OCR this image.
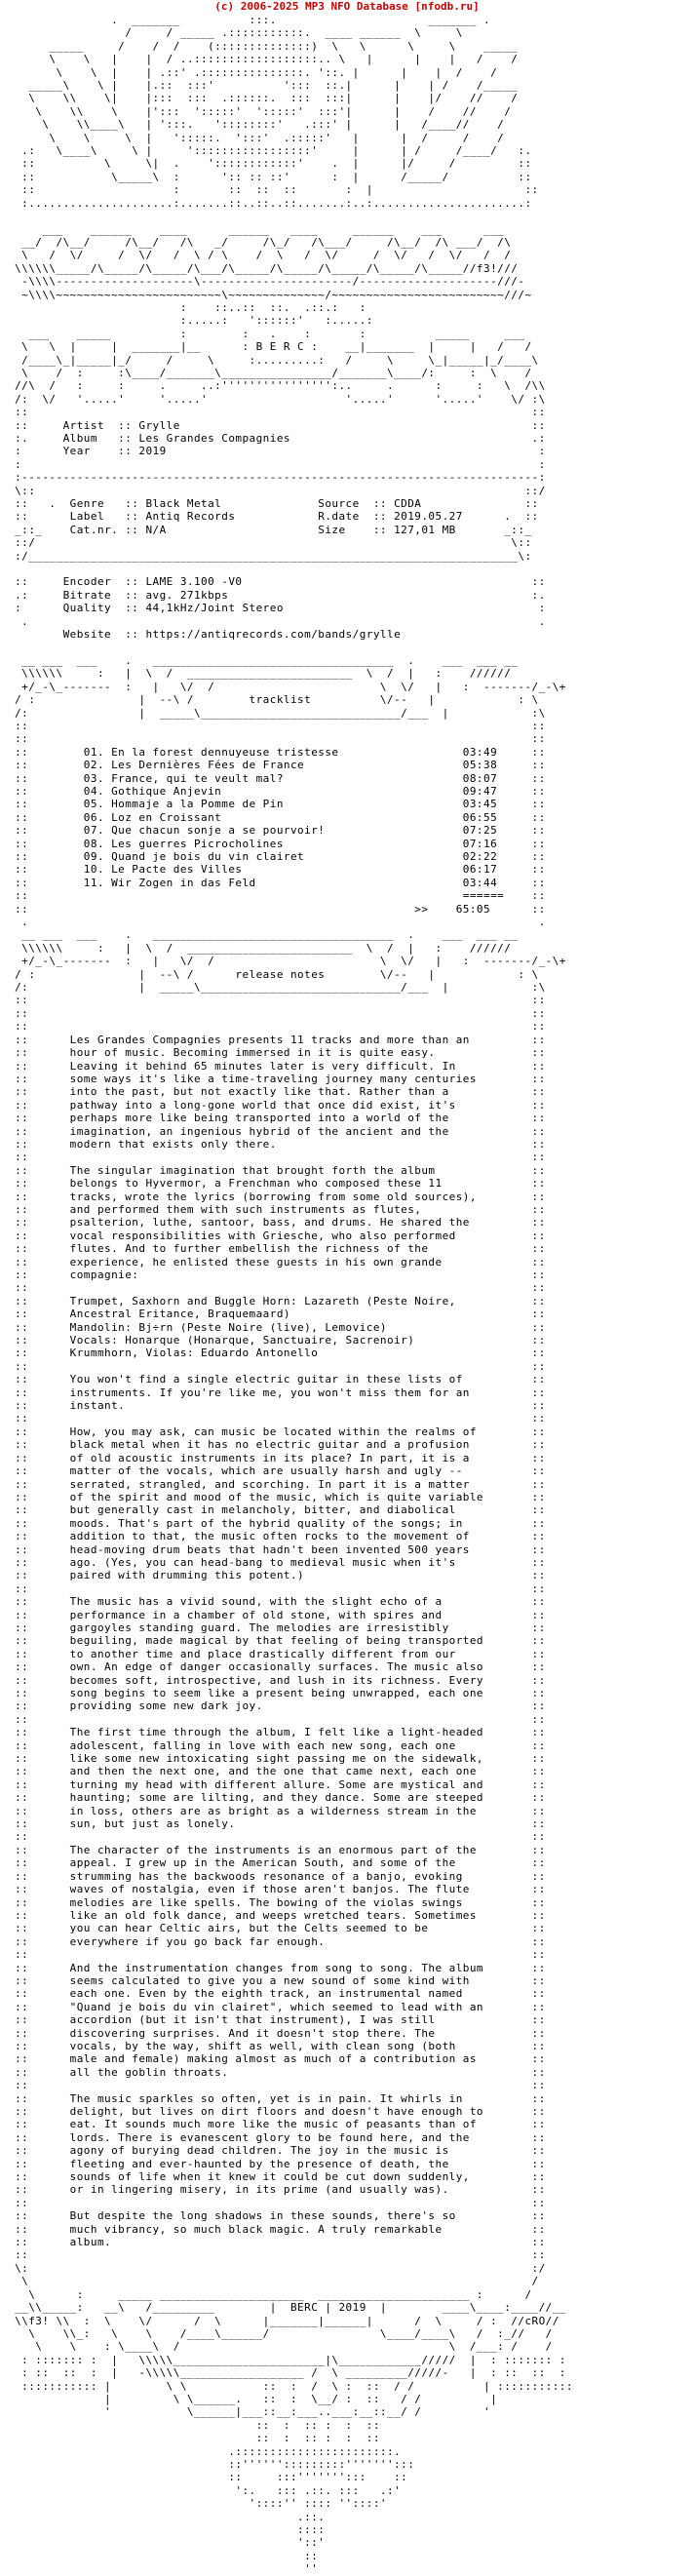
(c) 2006-2025 MP3 NFO Database [nfodb.ru]
.  _______          :::.                      _______ .
/     / _____ .:::::::::::.  ____ ______  \     \
_____     /    /  /    (::::::::::::::)  \   \      \     \    _____
\    \   |    |  / ..::::::::::::::::::.. \   |      |    |   /    /
\    \  |    | .::' .:::::::::::::::. '::. |      |    |  /    /
_____\    \ |    |.::  :::'          ':::  ::.|      |    | /    /_____
\    \\    \|    |:::  :::  .::::::.  :::  :::|      |    |/    //    /
\    \\    \    |':::  ':::::'  ':::::'  :::'|      |    /    //    /
\    \\____\   | ':::.   '::::::::'   .:::' |      |   /____//    /
\    \     \  |   ':::::.  ':::'  .:::::'   |      |  /     /    /
.:   \____\     \ |     ':::::::::::::::::'     |      | /     /____/   :.
::          \     \|  .    '::::::::::::'    .  |      |/     /         ::
::           \_____\  :      ':: :: ::'      :  |      /_____/          ::
::                    :       ::  ::  ::       :  |                      ::
:.....................:.......::..::..::.......:..:......................:

___    ______    ____      ______   ____     ______    ___      ___
__/  /\__/     /\__/   /\   _/     /\_/   /\___/     /\__/  /\ ___/  /\
\   /  \/     /  \/   /  \ / \    /  \   /  \/     /  \/   /  \/   /  /
\\\\\\_____/\_____/\_____/\___/\_____/\_____/\_____/\_____/\_____//f3!///
-\\\\--------------------\----------------------/--------------------///-
~\\\\~~~~~~~~~~~~~~~~~~~~~~~~\~~~~~~~~~~~~~~/~~~~~~~~~~~~~~~~~~~~~~~~~///~
:    ::..::  ::.  .::.:   :
:.....:   '::::::'   :.....:
___    _____          :        :   .    :       :          _____     ___
\   \  |     |  _______|__      : B E R C :    __|_______  |     |   /   /
/____\_|_____|_/     /     \     :.........:   /     \     \_|_____|_/____\
\    /  :     :\____/_______\________________/_______\____/:     :  \    /
//\  /   :     :     .     ..:'''''''''''''''':..     .      :     :   \  /\\
/:  \/   '.....'     '.....'                    '.....'      '.....'    \/ :\
::                                                                         ::
::     Artist  :: Grylle                                                   ::
:.     Album   :: Les Grandes Compagnies                                   .:
:      Year    :: 2019                                                      :
:                                                                           :
:---------------------------------------------------------------------------:
\::                                                                       ::/
::   .  Genre   :: Black Metal              Source  :: CDDA               ::
::      Label   :: Antiq Records            R.date  :: 2019.05.27      .  ::
_::_    Cat.nr. :: N/A                      Size    :: 127,01 MB       _::_
::/                                                                     \::
:/_______________________________________________________________________\:

::     Encoder  :: LAME 3.100 -V0                                          ::
.:     Bitrate  :: avg. 271kbps                                            :.
:      Quality  :: 44,1kHz/Joint Stereo                                     :
.                                                                          .
Website  :: https://antiqrecords.com/bands/grylle

__ ___  ___    .   ___________________________________  .    ___  ___ __
\\\\\\     :   |  \  /  ________________________  \  /  |   :    //////
+/_-\_-------  :   |   \/  /                        \  \/   |   :  -------/_-\+
/ :               |  --\ /        tracklist          \/--   |            : \
/:                |  _____\_____________________________/___  |            :\
::                                                                         ::
::                                                                         ::
::        01. En la forest dennuyeuse tristesse                  03:49     ::
::        02. Les Dernières Fées de France                       05:38     ::
::        03. France, qui te veult mal?                          08:07     ::
::        04. Gothique Anjevin                                   09:47     ::
::        05. Hommaje a la Pomme de Pin                          03:45     ::
::        06. Loz en Croissant                                   06:55     ::
::        07. Que chacun sonje a se pourvoir!                    07:25     ::
::        08. Les guerres Picrocholines                          07:16     ::
::        09. Quand je bois du vin clairet                       02:22     ::
::        10. Le Pacte des Villes                                06:17     ::
::        11. Wir Zogen in das Feld                              03:44     ::
::                                                               ======    ::
::                                                        >>    65:05      ::
.                                                                          .
__ ___  ___    .   ___________________________________  .    ___  ___ __
\\\\\\     :   |  \  /  ________________________  \  /  |   :    //////
+/_-\_-------  :   |   \/  /                        \  \/   |   :  -------/_-\+
/ :               |  --\ /      release notes        \/--   |            : \
/:                |  _____\_____________________________/___  |            :\
::                                                                         ::
::                                                                         ::
::                                                                         ::
::      Les Grandes Compagnies presents 11 tracks and more than an         ::
::      hour of music. Becoming immersed in it is quite easy.              ::
::      Leaving it behind 65 minutes later is very difficult. In           ::
::      some ways it's like a time-traveling journey many centuries        ::
::      into the past, but not exactly like that. Rather than a            ::
::      pathway into a long-gone world that once did exist, it's           ::
::      perhaps more like being transported into a world of the            ::
::      imagination, an ingenious hybrid of the ancient and the            ::
::      modern that exists only there.                                     ::
::                                                                         ::
::      The singular imagination that brought forth the album              ::
::      belongs to Hyvermor, a Frenchman who composed these 11             ::
::      tracks, wrote the lyrics (borrowing from some old sources),        ::
::      and performed them with such instruments as flutes,                ::
::      psalterion, luthe, santoor, bass, and drums. He shared the         ::
::      vocal responsibilities with Griesche, who also performed           ::
::      flutes. And to further embellish the richness of the               ::
::      experience, he enlisted these guests in his own grande             ::
::      compagnie:                                                         ::
::                                                                         ::
::      Trumpet, Saxhorn and Buggle Horn: Lazareth (Peste Noire,           ::
::      Ancestral Eritance, Braquemaard)                                   ::
::      Mandolin: Bj÷rn (Peste Noire (live), Lemovice)                     ::
::      Vocals: Honarque (Honarque, Sanctuaire, Sacrenoir)                 ::
::      Krummhorn, Violas: Eduardo Antonello                               ::
::                                                                         ::
::      You won't find a single electric guitar in these lists of          ::
::      instruments. If you're like me, you won't miss them for an         ::
::      instant.                                                           ::
::                                                                         ::
::      How, you may ask, can music be located within the realms of        ::
::      black metal when it has no electric guitar and a profusion         ::
::      of old acoustic instruments in its place? In part, it is a         ::
::      matter of the vocals, which are usually harsh and ugly --          ::
::      serrated, strangled, and scorching. In part it is a matter         ::
::      of the spirit and mood of the music, which is quite variable       ::
::      but generally cast in melancholy, bitter, and diabolical           ::
::      moods. That's part of the hybrid quality of the songs; in          ::
::      addition to that, the music often rocks to the movement of         ::
::      head-moving drum beats that hadn't been invented 500 years         ::
::      ago. (Yes, you can head-bang to medieval music when it's           ::
::      paired with drumming this potent.)                                 ::
::                                                                         ::
::      The music has a vivid sound, with the slight echo of a             ::
::      performance in a chamber of old stone, with spires and             ::
::      gargoyles standing guard. The melodies are irresistibly            ::
::      beguiling, made magical by that feeling of being transported       ::
::      to another time and place drastically different from our           ::
::      own. An edge of danger occasionally surfaces. The music also       ::
::      becomes soft, introspective, and lush in its richness. Every       ::
::      song begins to seem like a present being unwrapped, each one       ::
::      providing some new dark joy.                                       ::
::                                                                         ::
::      The first time through the album, I felt like a light-headed       ::
::      adolescent, falling in love with each new song, each one           ::
::      like some new intoxicating sight passing me on the sidewalk,       ::
::      and then the next one, and the one that came next, each one        ::
::      turning my head with different allure. Some are mystical and       ::
::      haunting; some are lilting, and they dance. Some are steeped       ::
::      in loss, others are as bright as a wilderness stream in the        ::
::      sun, but just as lonely.                                           ::
::                                                                         ::
::      The character of the instruments is an enormous part of the        ::
::      appeal. I grew up in the American South, and some of the           ::
::      strumming has the backwoods resonance of a banjo, evoking          ::
::      waves of nostalgia, even if those aren't banjos. The flute         ::
::      melodies are like spells. The bowing of the violas swings          ::
::      like an old folk dance, and weeps wretched tears. Sometimes        ::
::      you can hear Celtic airs, but the Celts seemed to be               ::
::      everywhere if you go back far enough.                              ::
::                                                                         ::
::      And the instrumentation changes from song to song. The album       ::
::      seems calculated to give you a new sound of some kind with         ::
::      each one. Even by the eighth track, an instrumental named          ::
::      "Quand je bois du vin clairet", which seemed to lead with an       ::
::      accordion (but it isn't that instrument), I was still              ::
::      discovering surprises. And it doesn't stop there. The              ::
::      vocals, by the way, shift as well, with clean song (both           ::
::      male and female) making almost as much of a contribution as        ::
::      all the goblin throats.                                            ::
::                                                                         ::
::      The music sparkles so often, yet is in pain. It whirls in          ::
::      delight, but lives on dirt floors and doesn't have enough to       ::
::      eat. It sounds much more like the music of peasants than of        ::
::      lords. There is evanescent glory to be found here, and the         ::
::      agony of burying dead children. The joy in the music is            ::
::      fleeting and ever-haunted by the presence of death, the            ::
::      sounds of life when it knew it could be cut down suddenly,         ::
::      or in lingering misery, in its prime (and usually was).            ::
::                                                                         ::
::      But despite the long shadows in these sounds, there's so           ::
::      much vibrancy, so much black magic. A truly remarkable             ::
::      album.                                                             ::
::                                                                         ::
\:                                                                         :/
\                                                                         /
\      :     _____ _____________________  ______________________ :      /
__\\_____:   __\   /_________        |  BERC | 2019  |        ____\____:____//__
\\f3! \\  :  \    \/      /  \      |_______|______|      /  \     / :  //cRO//
\    \\_:   \    \    /____\______/                \____/____\   /  :_//   /
\    \    : \____\  /                                       \  /___: /    /
: ::::::: :  |   \\\\\______________________|\____________/////  |  : ::::::: :
: ::  ::  :  |   -\\\\\__________________ /  \ _________/////-   |  : ::  ::  :
::::::::::: |        \ \           ::  :  /  \ :  ::  / /          | :::::::::::
|         \ \______.   ::  :  \__/ :  ::   / /          |
'           \______|___::__:___..___:__::__/ /         '
::  :  :: :  :  ::
::  :  :: :  :  ::
.:::::::::::::::::::::::.
::'''''':::::::::''''''':::
::     :::''''''':::    ::
':.   ::: .::. :::   .:'
'::::'' :::: ''::::'
.::.
::::
'::'
::
''
